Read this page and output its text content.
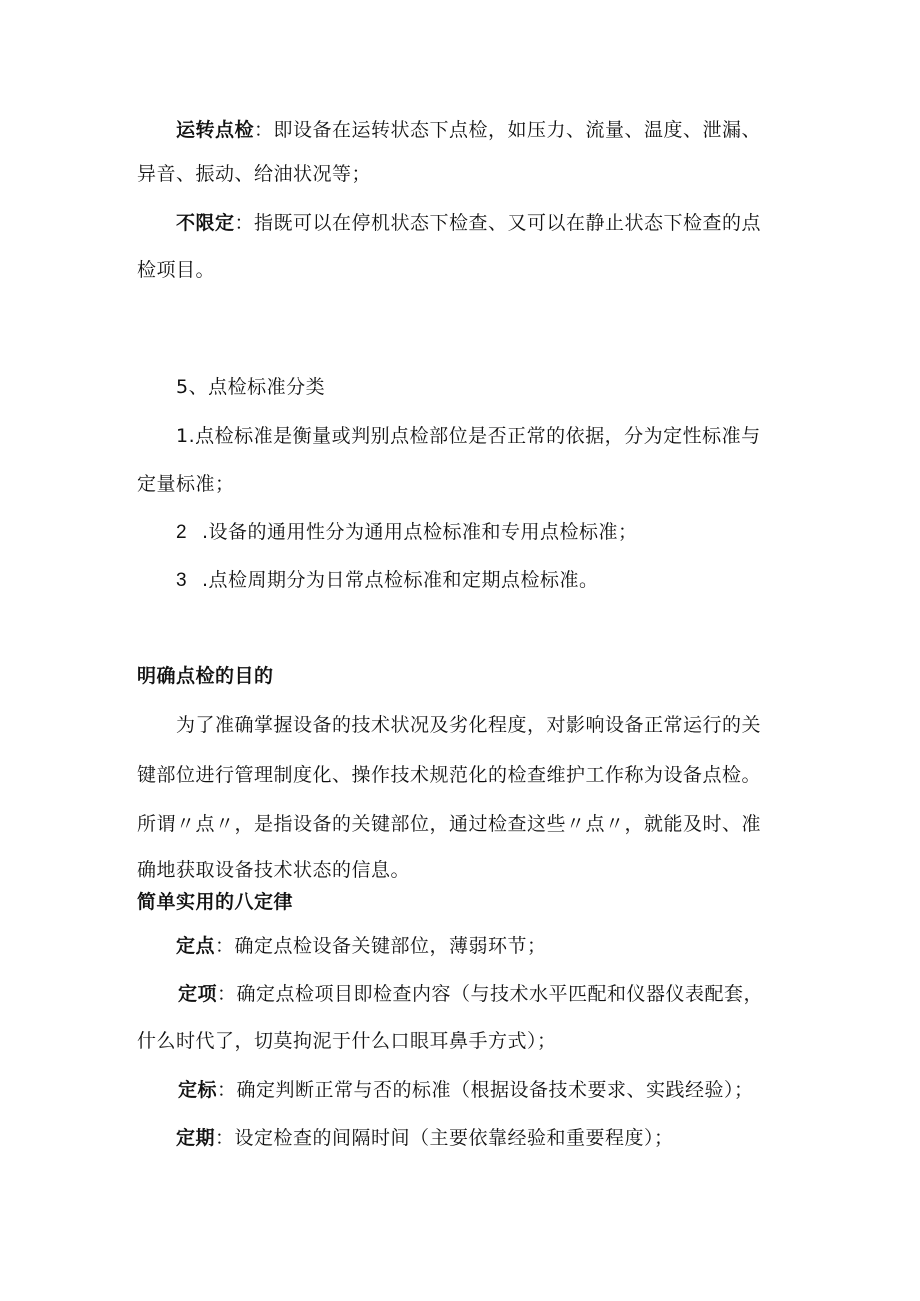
运转点检：即设备在运转状态下点检，如压力、流量、温度、泄漏、
异音、振动、给油状况等；
不限定：指既可以在停机状态下检查、又可以在静止状态下检查的点
检项目。
5、点检标准分类
1.点检标准是衡量或判别点检部位是否正常的依据，分为定性标准与
定量标准；
2 .设备的通用性分为通用点检标准和专用点检标准；
3 .点检周期分为日常点检标准和定期点检标准。
明确点检的目的
为了准确掌握设备的技术状况及劣化程度，对影响设备正常运行的关
键部位进行管理制度化、操作技术规范化的检查维护工作称为设备点检。
所谓〃点〃，是指设备的关键部位，通过检查这些〃点〃，就能及时、准
确地获取设备技术状态的信息。
简单实用的八定律
定点：确定点检设备关键部位，薄弱环节；
定项：确定点检项目即检查内容（与技术水平匹配和仪器仪表配套，
什么时代了，切莫拘泥于什么口眼耳鼻手方式）；
定标：确定判断正常与否的标准（根据设备技术要求、实践经验）；
定期：设定检查的间隔时间（主要依靠经验和重要程度）；
